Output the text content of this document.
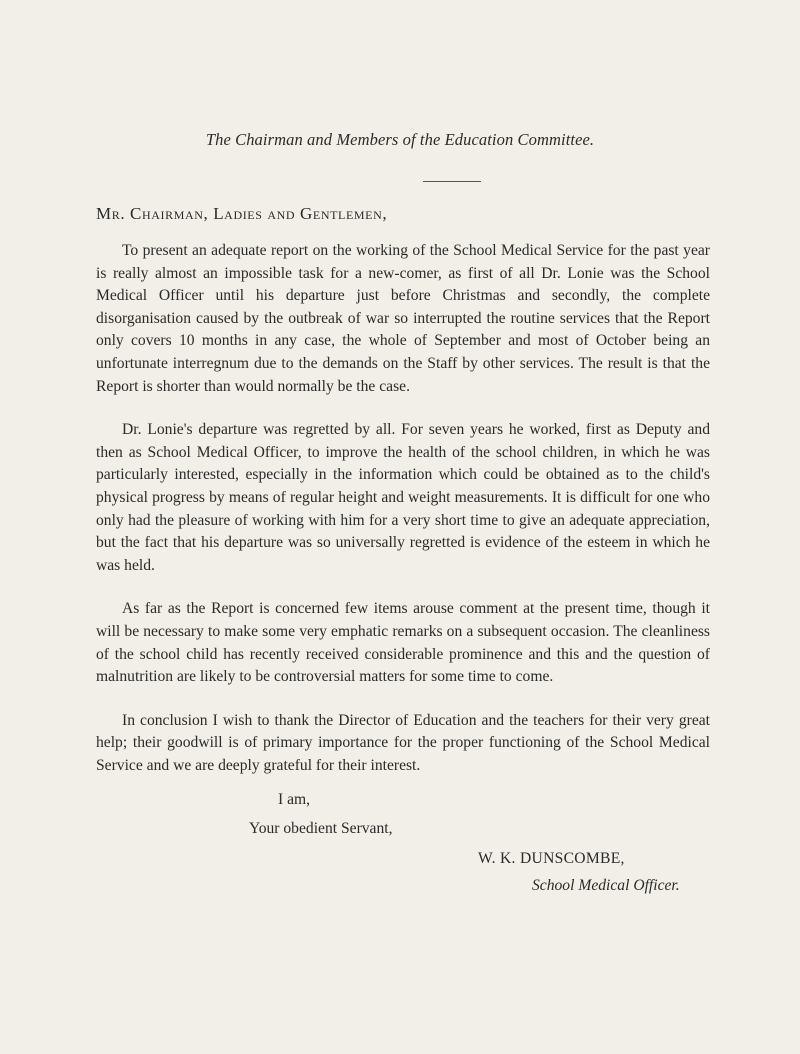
The Chairman and Members of the Education Committee.
Mr. Chairman, Ladies and Gentlemen,

To present an adequate report on the working of the School Medical Service for the past year is really almost an impossible task for a new-comer, as first of all Dr. Lonie was the School Medical Officer until his departure just before Christmas and secondly, the complete disorganisation caused by the outbreak of war so interrupted the routine services that the Report only covers 10 months in any case, the whole of September and most of October being an unfortunate interregnum due to the demands on the Staff by other services. The result is that the Report is shorter than would normally be the case.

Dr. Lonie's departure was regretted by all. For seven years he worked, first as Deputy and then as School Medical Officer, to improve the health of the school children, in which he was particularly interested, especially in the information which could be obtained as to the child's physical progress by means of regular height and weight measurements. It is difficult for one who only had the pleasure of working with him for a very short time to give an adequate appreciation, but the fact that his departure was so universally regretted is evidence of the esteem in which he was held.

As far as the Report is concerned few items arouse comment at the present time, though it will be necessary to make some very emphatic remarks on a subsequent occasion. The cleanliness of the school child has recently received considerable prominence and this and the question of malnutrition are likely to be controversial matters for some time to come.

In conclusion I wish to thank the Director of Education and the teachers for their very great help; their goodwill is of primary importance for the proper functioning of the School Medical Service and we are deeply grateful for their interest.

I am,
Your obedient Servant,
W. K. DUNSCOMBE,
School Medical Officer.
